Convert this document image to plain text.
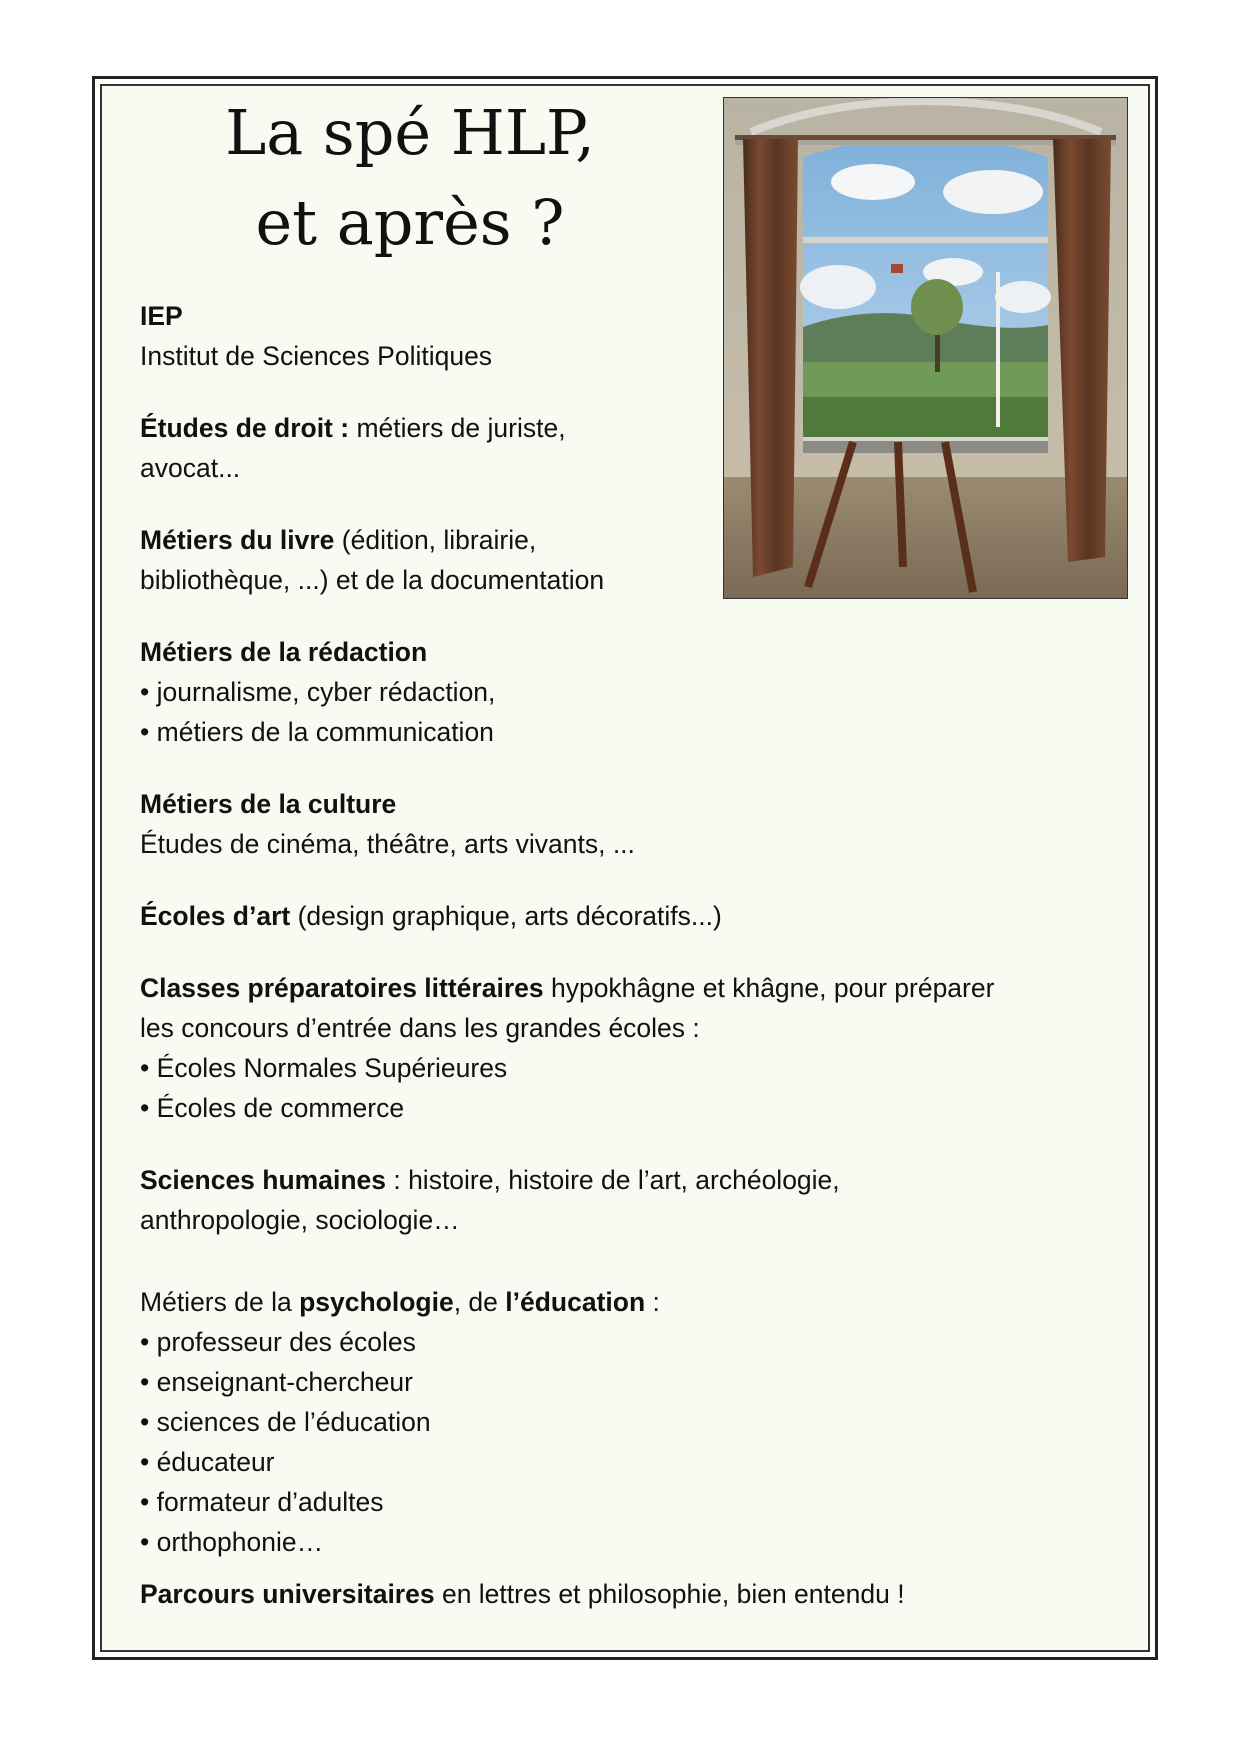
La spé HLP,
et après ?
IEP
Institut de Sciences Politiques
Études de droit : métiers de juriste,
avocat...
Métiers du livre (édition, librairie,
bibliothèque, ...) et de la documentation
Métiers de la rédaction
• journalisme, cyber rédaction,
• métiers de la communication
Métiers de la culture
Études de cinéma, théâtre, arts vivants, ...
Écoles d’art (design graphique, arts décoratifs...)
Classes préparatoires littéraires hypokhâgne et khâgne, pour préparer
les concours d’entrée dans les grandes écoles :
• Écoles Normales Supérieures
• Écoles de commerce
Sciences humaines : histoire, histoire de l’art, archéologie,
anthropologie, sociologie…
Métiers de la psychologie, de l’éducation :
• professeur des écoles
• enseignant-chercheur
• sciences de l’éducation
• éducateur
• formateur d’adultes
• orthophonie…
Parcours universitaires en lettres et philosophie, bien entendu !
